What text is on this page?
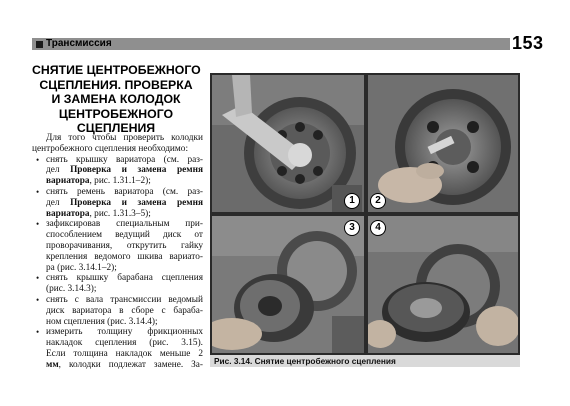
Трансмиссия	153
СНЯТИЕ ЦЕНТРОБЕЖНОГО
СЦЕПЛЕНИЯ. ПРОВЕРКА
И ЗАМЕНА КОЛОДОК
ЦЕНТРОБЕЖНОГО
СЦЕПЛЕНИЯ
Для того чтобы проверить колодки
центробежного сцепления необходимо:
• снять крышку вариатора (см. раз-
дел Проверка и замена ремня
вариатора, рис. 1.31.1–2);
• снять ремень вариатора (см. раз-
дел Проверка и замена ремня
вариатора, рис. 1.31.3–5);
• зафиксировав специальным при-
способлением ведущий диск от
проворачивания, открутить гайку
крепления ведомого шкива вариато-
ра (рис. 3.14.1–2);
• снять крышку барабана сцепления
(рис. 3.14.3);
• снять с вала трансмиссии ведомый
диск вариатора в сборе с бараба-
ном сцепления (рис. 3.14.4);
• измерить толщину фрикционных
накладок сцепления (рис. 3.15).
Если толщина накладок меньше 2
мм, колодки подлежат замене. За-
1	2
3	4
Рис. 3.14. Снятие центробежного сцепления
